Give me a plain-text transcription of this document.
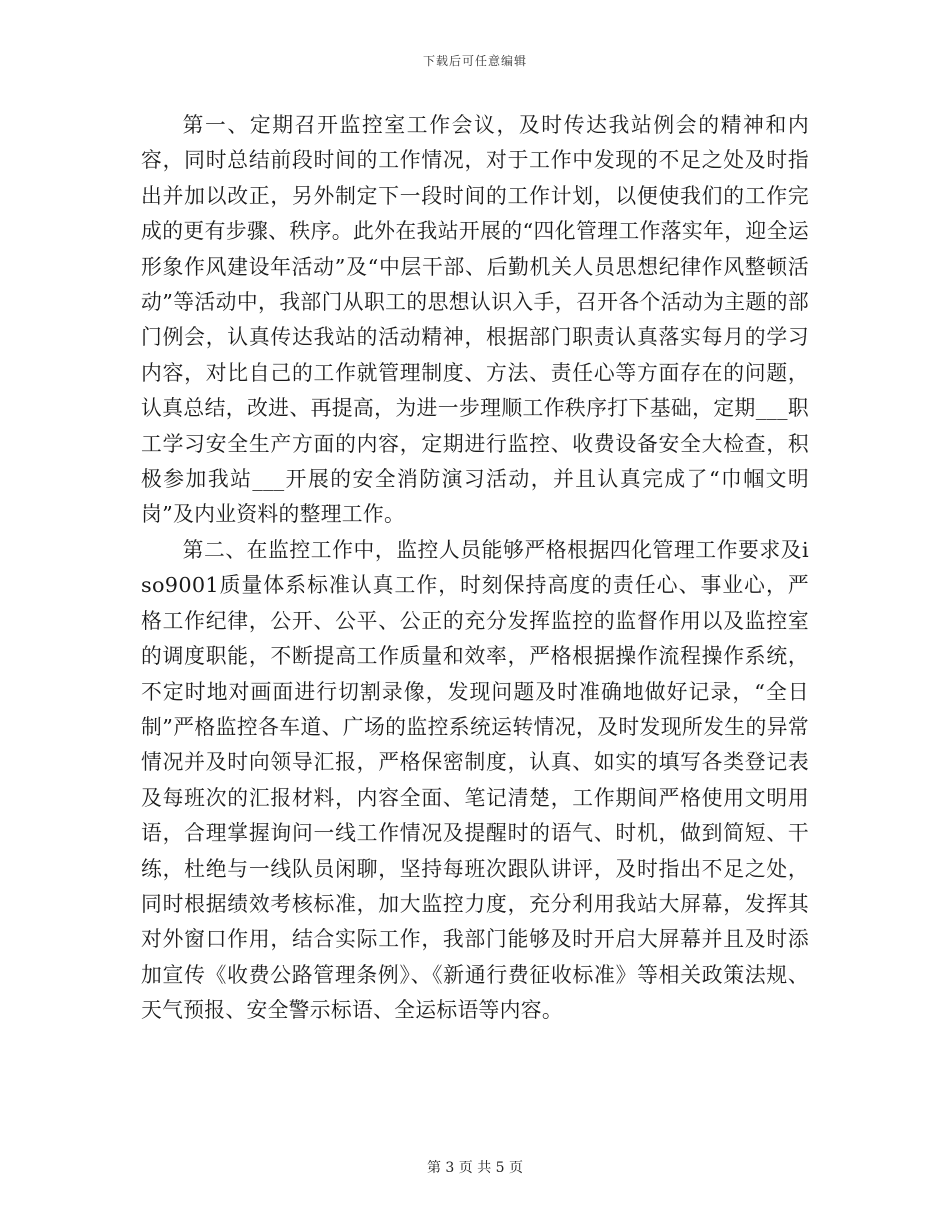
下载后可任意编辑

第一、定期召开监控室工作会议，及时传达我站例会的精神和内容，同时总结前段时间的工作情况，对于工作中发现的不足之处及时指出并加以改正，另外制定下一段时间的工作计划，以便使我们的工作完成的更有步骤、秩序。此外在我站开展的“四化管理工作落实年，迎全运形象作风建设年活动”及“中层干部、后勤机关人员思想纪律作风整顿活动”等活动中，我部门从职工的思想认识入手，召开各个活动为主题的部门例会，认真传达我站的活动精神，根据部门职责认真落实每月的学习内容，对比自己的工作就管理制度、方法、责任心等方面存在的问题，认真总结，改进、再提高，为进一步理顺工作秩序打下基础，定期___职工学习安全生产方面的内容，定期进行监控、收费设备安全大检查，积极参加我站___开展的安全消防演习活动，并且认真完成了“巾帼文明岗”及内业资料的整理工作。

第二、在监控工作中，监控人员能够严格根据四化管理工作要求及iso9001质量体系标准认真工作，时刻保持高度的责任心、事业心，严格工作纪律，公开、公平、公正的充分发挥监控的监督作用以及监控室的调度职能，不断提高工作质量和效率，严格根据操作流程操作系统，不定时地对画面进行切割录像，发现问题及时准确地做好记录，“全日制”严格监控各车道、广场的监控系统运转情况，及时发现所发生的异常情况并及时向领导汇报，严格保密制度，认真、如实的填写各类登记表及每班次的汇报材料，内容全面、笔记清楚，工作期间严格使用文明用语，合理掌握询问一线工作情况及提醒时的语气、时机，做到简短、干练，杜绝与一线队员闲聊，坚持每班次跟队讲评，及时指出不足之处，同时根据绩效考核标准，加大监控力度，充分利用我站大屏幕，发挥其对外窗口作用，结合实际工作，我部门能够及时开启大屏幕并且及时添加宣传《收费公路管理条例》、《新通行费征收标准》等相关政策法规、天气预报、安全警示标语、全运标语等内容。

第 3 页 共 5 页
